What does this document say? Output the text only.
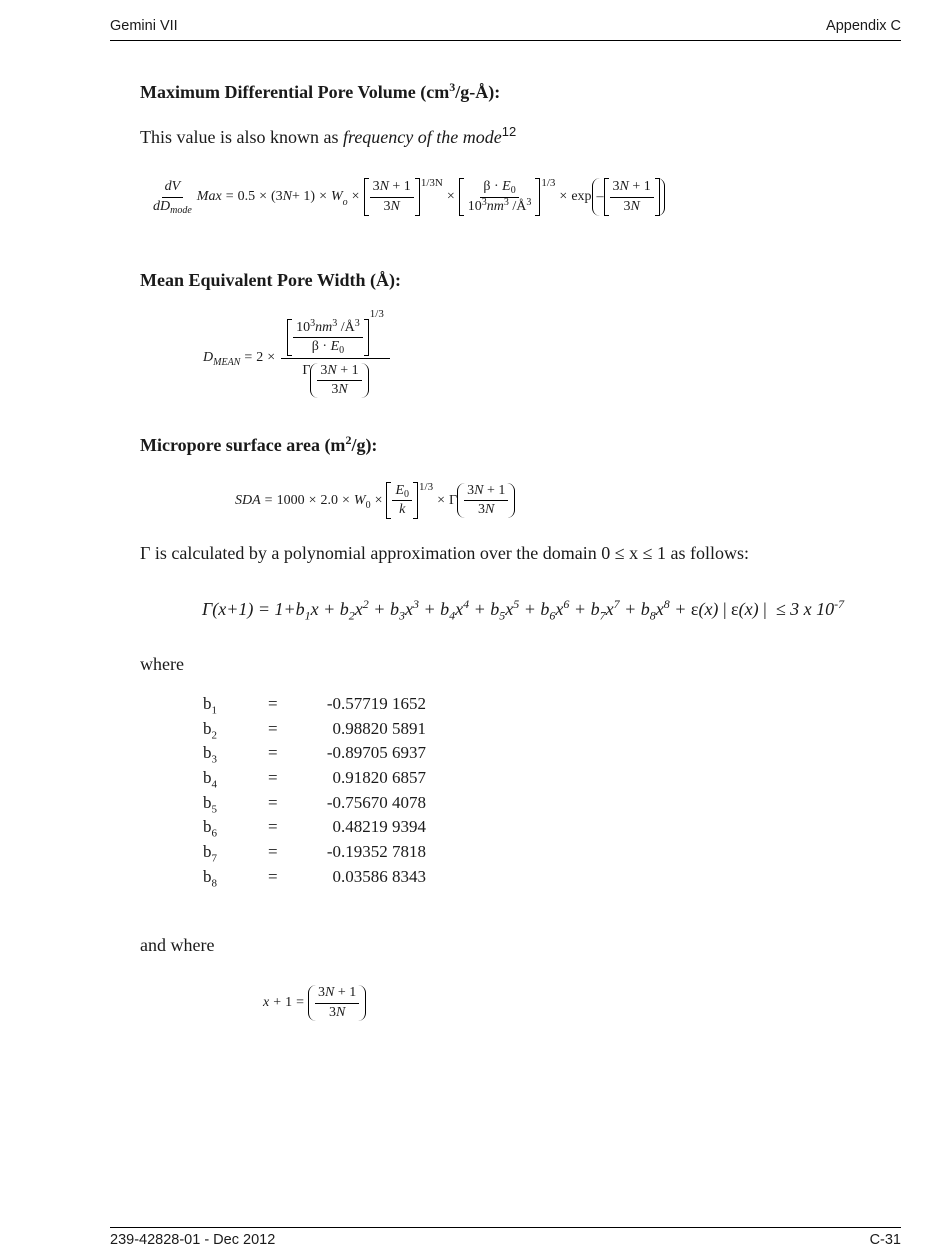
Gemini VII	Appendix C
Maximum Differential Pore Volume $(cm^3/g-Å)$:
This value is also known as frequency of the mode$^{12}$
$\frac{dV}{dD_{mode}}$ Max = 0.5 × (3 N + 1) × W $o \times \frac{3N + 1}{3N} 1/3N$
× $\frac{\beta \cdot E_0}{10^3nm^3 /Å^3} 1/3$
× exp – $\frac{3N + 1}{3N}$
Mean Equivalent Pore Width (Å):
D MEAN = $2 \times \frac{10^3nm^3 /Å^3}{\beta \cdot E_0}$
$^{1/3}$
Γ $\frac{3N + 1}{3N}$
Micropore surface area $(m^2/g)$:
SDA = 1000 × 2.0 × W $0 \times \frac{E_0}{k} 1/3$
× Γ $\frac{3N + 1}{3N}$
Γ is calculated by a polynomial approximation over the domain 0 ≤ x ≤ 1 as follows:
$\Gamma(x+1) = 1+b_1x + b_2x^2 + b_3x^3 + b_4x^4 + b_5x^5 + b_6x^6 + b_7x^7 + b_8x^8 + \varepsilon(x)$ | ε(x) |  ≤ 3 x $10^{-7}$
where
$b_1$	=	-0.57719 1652
$b_2$	=	0.98820 5891
$b_3$	=	-0.89705 6937
$b_4$	=	0.91820 6857
$b_5$	=	-0.75670 4078
$b_6$	=	0.48219 9394
$b_7$	=	-0.19352 7818
$b_8$	=	0.03586 8343
and where
$x + 1 = \frac{3N + 1}{3N}$
239-42828-01 - Dec 2012	C-31
